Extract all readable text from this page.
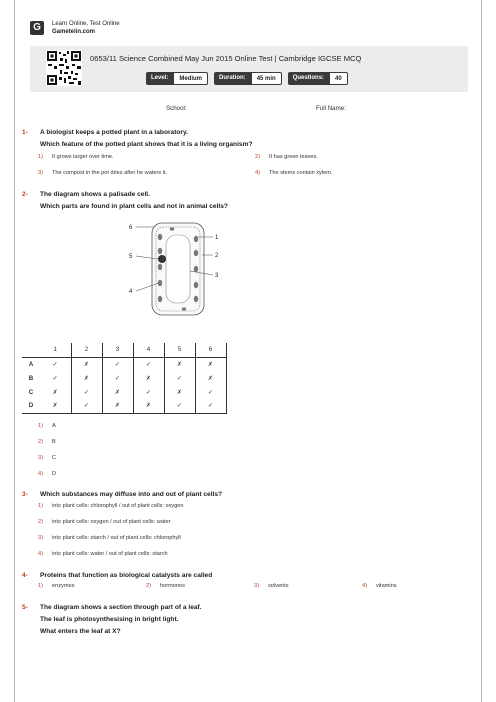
G	Learn Online, Test Online
Gameteiin.com
0653/11 Science Combined May Jun 2015 Online Test | Cambridge IGCSE MCQ
Level:	Medium	Duration:	45 min	Questions:	40
School:	Full Name:
1- A biologist keeps a potted plant in a laboratory.
Which feature of the potted plant shows that it is a living organism?
1) It grows larger over time.	2) It has green leaves.
3) The compost in the pot dries after he waters it.	4) The stems contain xylem.
2- The diagram shows a palisade cell.
Which parts are found in plant cells and not in animal cells?
6
5
4
1
2
3
	1	2	3	4	5	6
A	✓	✗	✓	✓	✗	✗
B	✓	✗	✓	✗	✓	✗
C	✗	✓	✗	✓	✗	✓
D	✗	✓	✗	✗	✓	✓
1) A
2) B
3) C
4) D
3- Which substances may diffuse into and out of plant cells?
1) into plant cells: chlorophyll / out of plant cells: oxygen
2) into plant cells: oxygen / out of plant cells: water
3) into plant cells: starch / out of plant cells: chlorophyll
4) into plant cells: water / out of plant cells: starch
4- Proteins that function as biological catalysts are called
1) enzymes	2) hormones	3) solvents	4) vitamins
5- The diagram shows a section through part of a leaf.
The leaf is photosynthesising in bright light.
What enters the leaf at X?
